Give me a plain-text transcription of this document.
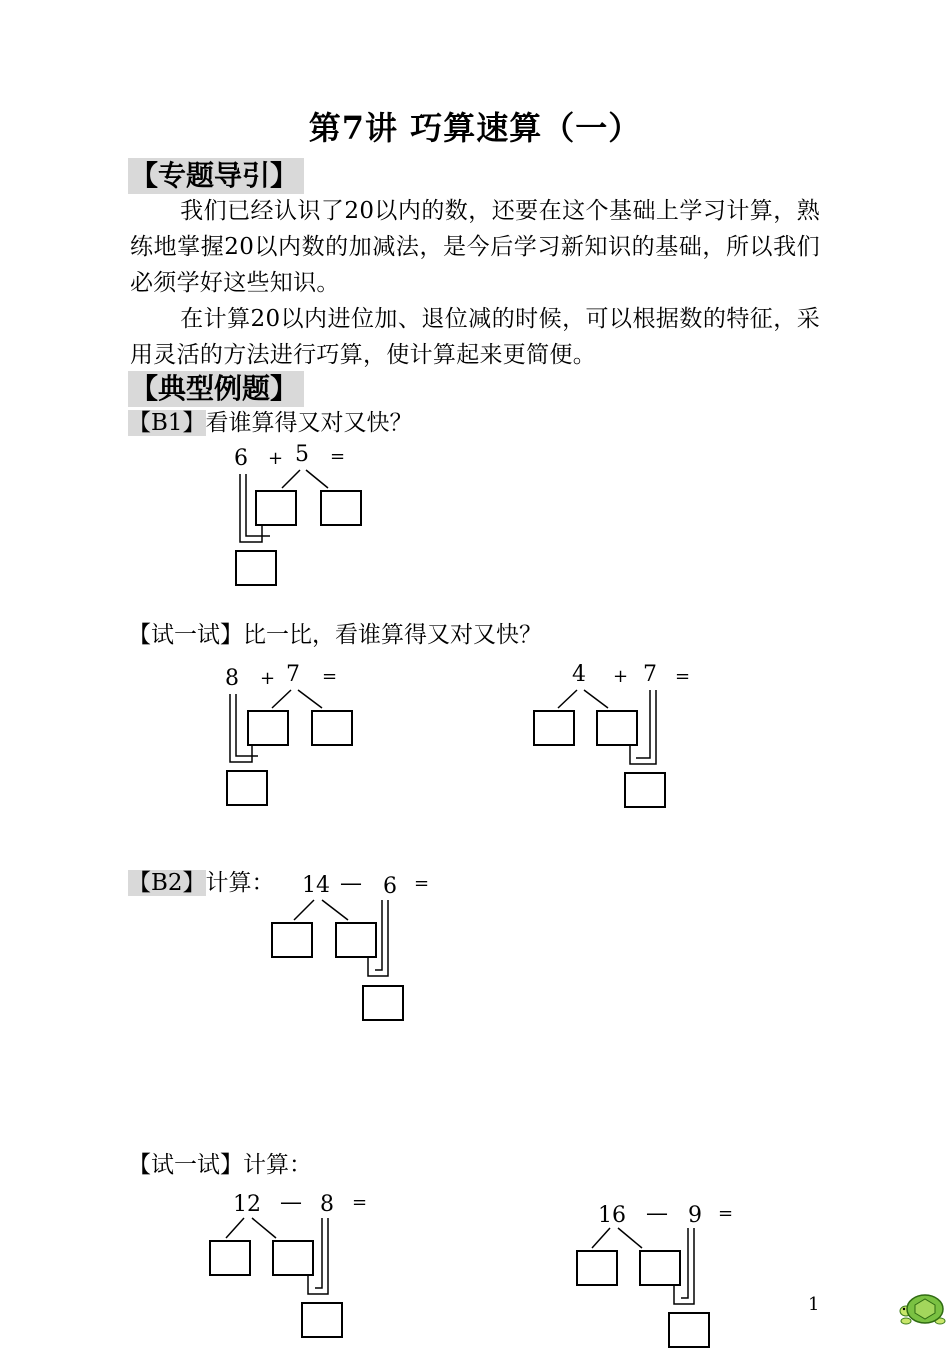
第7讲 巧算速算（一）
【专题导引】
我们已经认识了20以内的数，还要在这个基础上学习计算，熟练地掌握20以内数的加减法，是今后学习新知识的基础，所以我们必须学好这些知识。
在计算20以内进位加、退位减的时候，可以根据数的特征，采用灵活的方法进行巧算，使计算起来更简便。
【典型例题】
【B1】看谁算得又对又快？
6 + 5 =
【试一试】比一比，看谁算得又对又快？
8 + 7 =	4 + 7 =
【B2】计算： 14 — 6 =
【试一试】计算：
12 — 8 =
16 — 9 =
1
